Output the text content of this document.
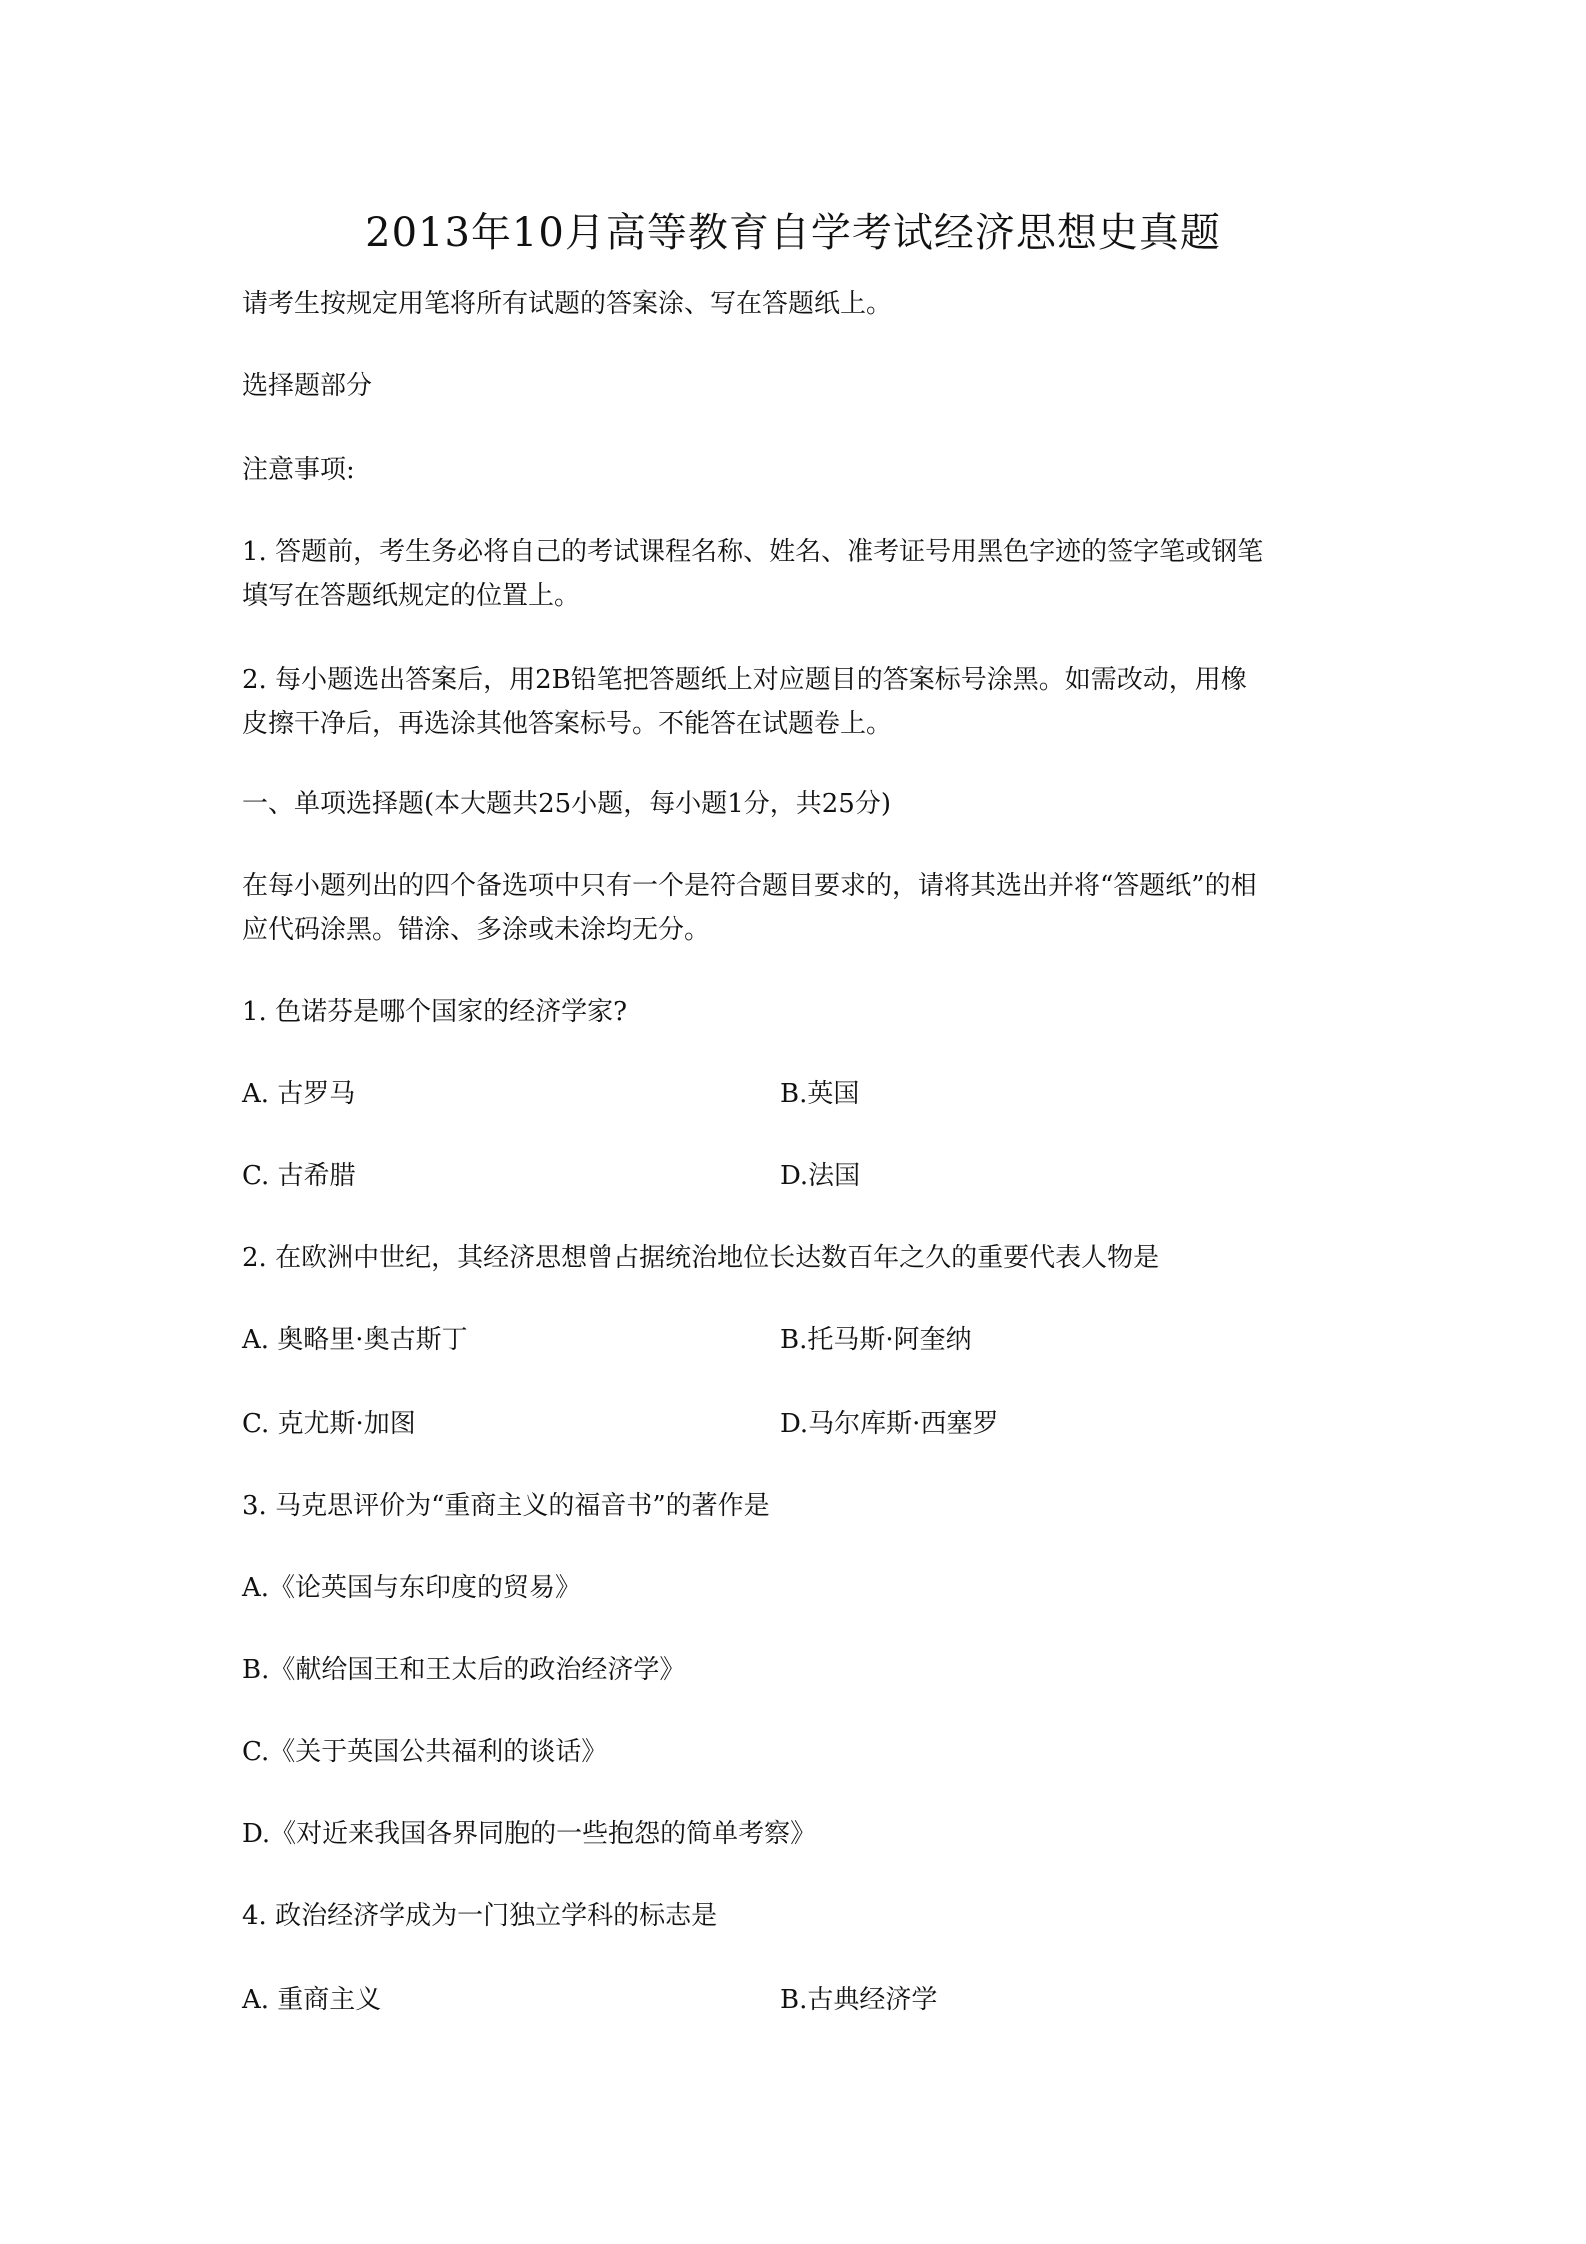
2013年10月高等教育自学考试经济思想史真题
请考生按规定用笔将所有试题的答案涂、写在答题纸上。
选择题部分
注意事项:
1. 答题前，考生务必将自己的考试课程名称、姓名、准考证号用黑色字迹的签字笔或钢笔
填写在答题纸规定的位置上。
2. 每小题选出答案后，用2B铅笔把答题纸上对应题目的答案标号涂黑。如需改动，用橡
皮擦干净后，再选涂其他答案标号。不能答在试题卷上。
一、单项选择题(本大题共25小题，每小题1分，共25分)
在每小题列出的四个备选项中只有一个是符合题目要求的，请将其选出并将“答题纸”的相
应代码涂黑。错涂、多涂或未涂均无分。
1. 色诺芬是哪个国家的经济学家?
A. 古罗马	B.英国
C. 古希腊	D.法国
2. 在欧洲中世纪，其经济思想曾占据统治地位长达数百年之久的重要代表人物是
A. 奥略里·奥古斯丁	B.托马斯·阿奎纳
C. 克尤斯·加图	D.马尔库斯·西塞罗
3. 马克思评价为“重商主义的福音书”的著作是
A.《论英国与东印度的贸易》
B.《献给国王和王太后的政治经济学》
C.《关于英国公共福利的谈话》
D.《对近来我国各界同胞的一些抱怨的简单考察》
4. 政治经济学成为一门独立学科的标志是
A. 重商主义	B.古典经济学
